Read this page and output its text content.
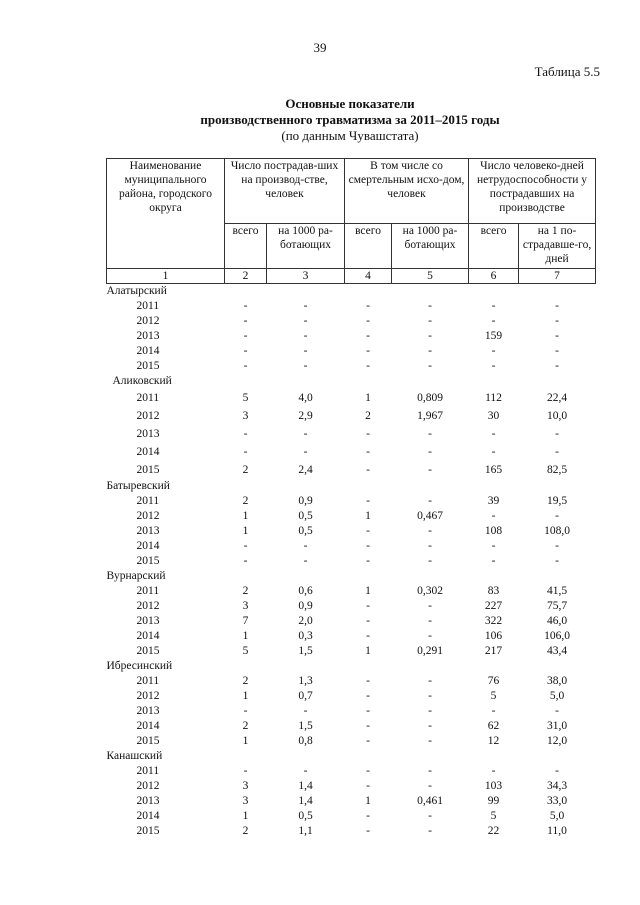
39
Таблица 5.5
Основные показатели
производственного травматизма за 2011–2015 годы
(по данным Чувашстата)
Наименование муниципального района, городского округа	Число пострадав-ших на производ-стве, человек		В том числе со смертельным исхо-дом, человек		Число человеко-дней нетрудоспособности у пострадавших на производстве	
	всего	на 1000 ра-ботающих	всего	на 1000 ра-ботающих	всего	на 1 по-страдавше-го, дней
1	2	3	4	5	6	7
Алатырский						
2011	-	-	-	-	-	-
2012	-	-	-	-	-	-
2013	-	-	-	-	159	-
2014	-	-	-	-	-	-
2015	-	-	-	-	-	-
Аликовский						
2011	5	4,0	1	0,809	112	22,4
2012	3	2,9	2	1,967	30	10,0
2013	-	-	-	-	-	-
2014	-	-	-	-	-	-
2015	2	2,4	-	-	165	82,5
Батыревский						
2011	2	0,9	-	-	39	19,5
2012	1	0,5	1	0,467	-	-
2013	1	0,5	-	-	108	108,0
2014	-	-	-	-	-	-
2015	-	-	-	-	-	-
Вурнарский						
2011	2	0,6	1	0,302	83	41,5
2012	3	0,9	-	-	227	75,7
2013	7	2,0	-	-	322	46,0
2014	1	0,3	-	-	106	106,0
2015	5	1,5	1	0,291	217	43,4
Ибресинский						
2011	2	1,3	-	-	76	38,0
2012	1	0,7	-	-	5	5,0
2013	-	-	-	-	-	-
2014	2	1,5	-	-	62	31,0
2015	1	0,8	-	-	12	12,0
Канашский						
2011	-	-	-	-	-	-
2012	3	1,4	-	-	103	34,3
2013	3	1,4	1	0,461	99	33,0
2014	1	0,5	-	-	5	5,0
2015	2	1,1	-	-	22	11,0
